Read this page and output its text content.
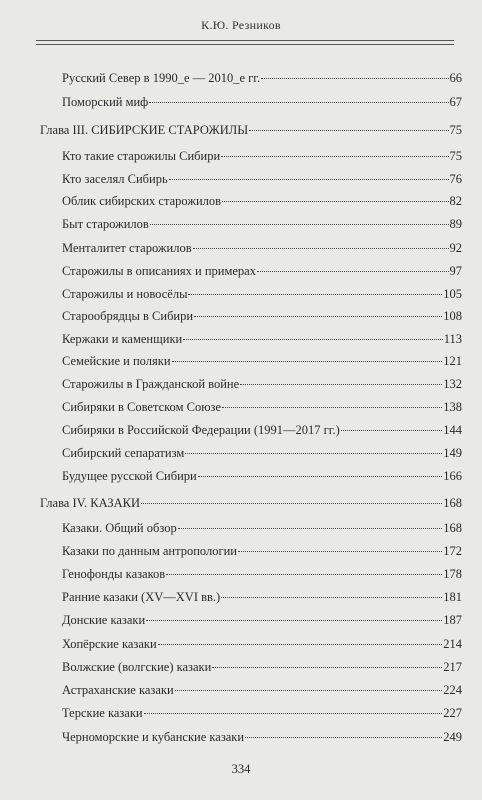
К.Ю. Резников
Русский Север в 1990_е — 2010_е гг.	66
Поморский миф	67
Глава III. СИБИРСКИЕ СТАРОЖИЛЫ	75
Кто такие старожилы Сибири	75
Кто заселял Сибирь	76
Облик сибирских старожилов	82
Быт старожилов	89
Менталитет старожилов	92
Старожилы в описаниях и примерах	97
Старожилы и новосёлы	105
Старообрядцы в Сибири	108
Кержаки и каменщики	113
Семейские и поляки	121
Старожилы в Гражданской войне	132
Сибиряки в Советском Союзе	138
Сибиряки в Российской Федерации (1991—2017 гг.)	144
Сибирский сепаратизм	149
Будущее русской Сибири	166
Глава IV. КАЗАКИ	168
Казаки. Общий обзор	168
Казаки по данным антропологии	172
Генофонды казаков	178
Ранние казаки (XV—XVI вв.)	181
Донские казаки	187
Хопёрские казаки	214
Волжские (волгские) казаки	217
Астраханские казаки	224
Терские казаки	227
Черноморские и кубанские казаки	249
334
